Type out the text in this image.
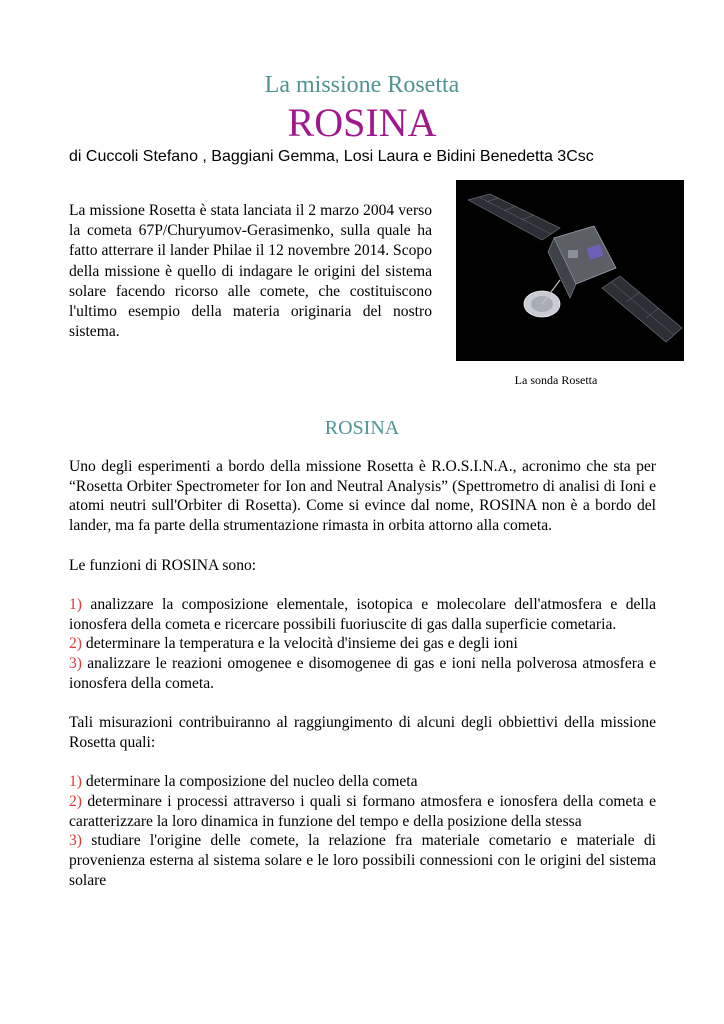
La missione Rosetta
ROSINA
di Cuccoli Stefano , Baggiani Gemma, Losi Laura e Bidini Benedetta 3Csc
La missione Rosetta è stata lanciata il 2 marzo 2004 verso la cometa 67P/Churyumov-Gerasimenko, sulla quale ha fatto atterrare il lander Philae il 12 novembre 2014. Scopo della missione è quello di indagare le origini del sistema solare facendo ricorso alle comete, che costituiscono l'ultimo esempio della materia originaria del nostro sistema.
La sonda Rosetta
ROSINA

Uno degli esperimenti a bordo della missione Rosetta è R.O.S.I.N.A., acronimo che sta per “Rosetta Orbiter Spectrometer for Ion and Neutral Analysis” (Spettrometro di analisi di Ioni e atomi neutri sull'Orbiter di Rosetta). Come si evince dal nome, ROSINA non è a bordo del lander, ma fa parte della strumentazione rimasta in orbita attorno alla cometa.

Le funzioni di ROSINA sono:

1) analizzare la composizione elementale, isotopica e molecolare dell'atmosfera e della ionosfera della cometa e ricercare possibili fuoriuscite di gas dalla superficie cometaria.

2) determinare la temperatura e la velocità d'insieme dei gas e degli ioni

3) analizzare le reazioni omogenee e disomogenee di gas e ioni nella polverosa atmosfera e ionosfera della cometa.

Tali misurazioni contribuiranno al raggiungimento di alcuni degli obbiettivi della missione Rosetta quali:

1) determinare la composizione del nucleo della cometa

2) determinare i processi attraverso i quali si formano atmosfera e ionosfera della cometa e caratterizzare la loro dinamica in funzione del tempo e della posizione della stessa

3) studiare l'origine delle comete, la relazione fra materiale cometario e materiale di provenienza esterna al sistema solare e le loro possibili connessioni con le origini del sistema solare
